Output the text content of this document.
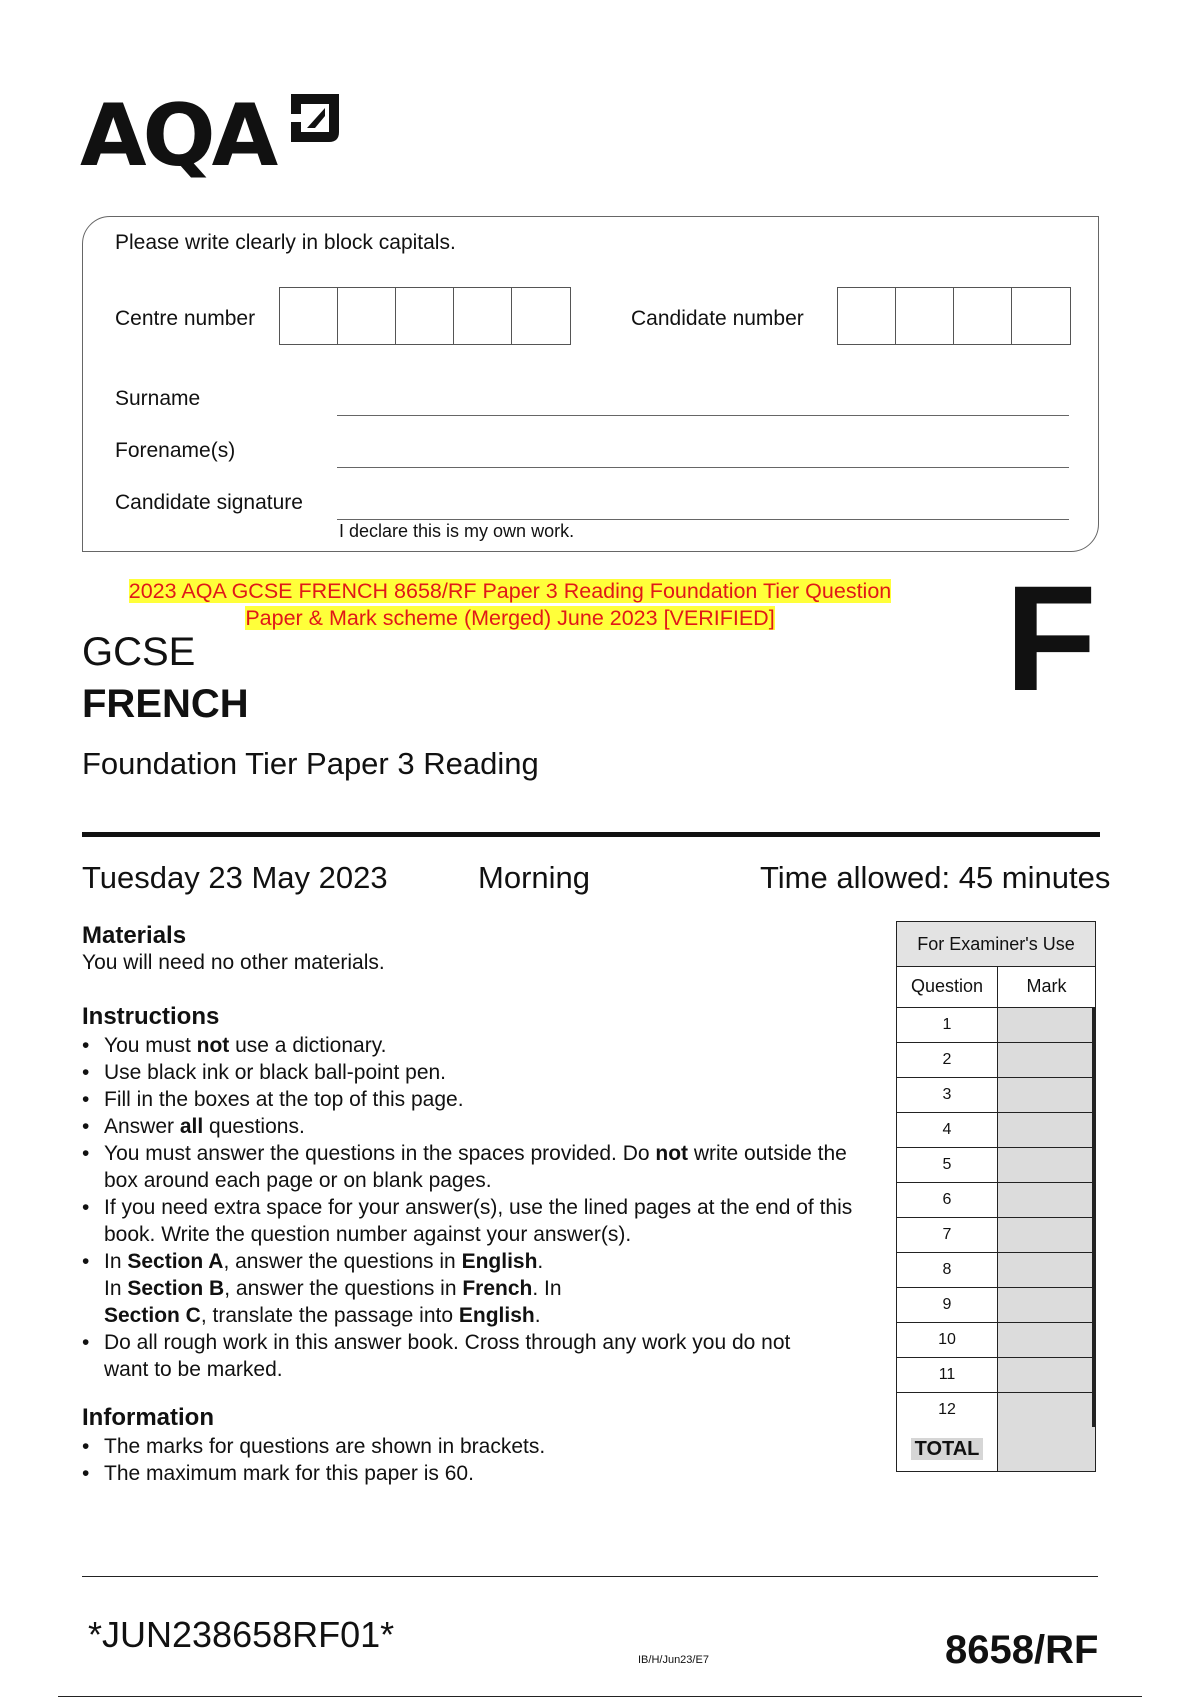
AQA
Please write clearly in block capitals.
Centre number	Candidate number
Surname
Forename(s)
Candidate signature
I declare this is my own work.
2023 AQA GCSE FRENCH 8658/RF Paper 3 Reading Foundation Tier Question
Paper & Mark scheme (Merged) June 2023 [VERIFIED]
GCSE
FRENCH
Foundation Tier Paper 3 Reading
F
Tuesday 23 May 2023	Morning	Time allowed: 45 minutes
Materials
You will need no other materials.
Instructions
• You must not use a dictionary.
• Use black ink or black ball-point pen.
• Fill in the boxes at the top of this page.
• Answer all questions.
• You must answer the questions in the spaces provided. Do not write outside the box around each page or on blank pages.
• If you need extra space for your answer(s), use the lined pages at the end of this book. Write the question number against your answer(s).
• In Section A, answer the questions in English.
In Section B, answer the questions in French. In
Section C, translate the passage into English.
• Do all rough work in this answer book. Cross through any work you do not want to be marked.
Information
• The marks for questions are shown in brackets.
• The maximum mark for this paper is 60.
For Examiner's Use
Question	Mark
1
2
3
4
5
6
7
8
9
10
11
12
TOTAL
*JUN238658RF01*
IB/H/Jun23/E7	8658/RF
